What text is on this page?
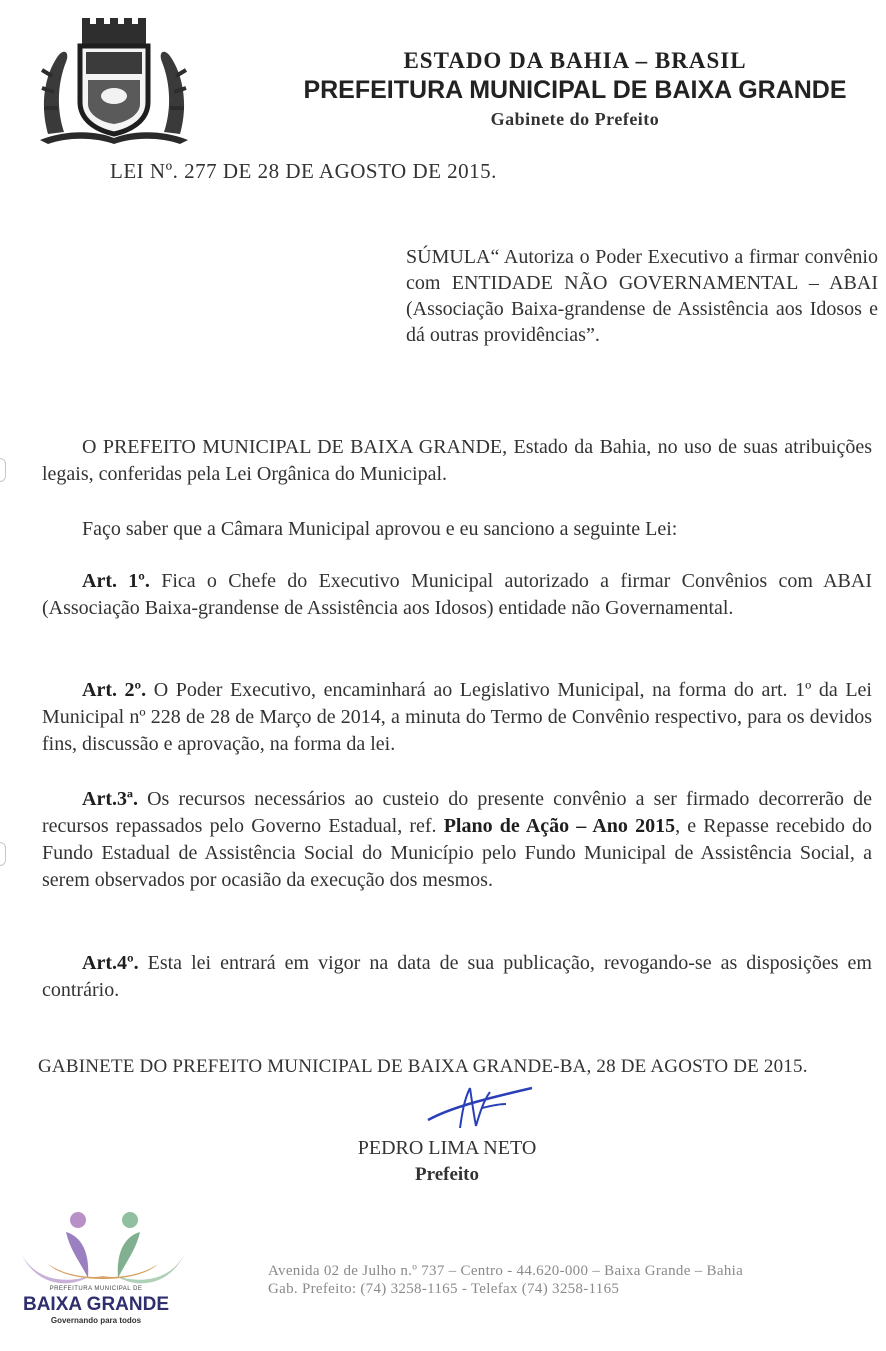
ESTADO DA BAHIA – BRASIL
PREFEITURA MUNICIPAL DE BAIXA GRANDE
Gabinete do Prefeito
LEI Nº. 277 DE 28 DE AGOSTO DE 2015.
SÚMULA“ Autoriza o Poder Executivo a firmar convênio com ENTIDADE NÃO GOVERNAMENTAL – ABAI (Associação Baixa-grandense de Assistência aos Idosos e dá outras providências”.
O PREFEITO MUNICIPAL DE BAIXA GRANDE, Estado da Bahia, no uso de suas atribuições legais, conferidas pela Lei Orgânica do Municipal.
Faço saber que a Câmara Municipal aprovou e eu sanciono a seguinte Lei:
Art. 1º. Fica o Chefe do Executivo Municipal autorizado a firmar Convênios com ABAI (Associação Baixa-grandense de Assistência aos Idosos) entidade não Governamental.
Art. 2º. O Poder Executivo, encaminhará ao Legislativo Municipal, na forma do art. 1º da Lei Municipal nº 228 de 28 de Março de 2014, a minuta do Termo de Convênio respectivo, para os devidos fins, discussão e aprovação, na forma da lei.
Art.3ª. Os recursos necessários ao custeio do presente convênio a ser firmado decorrerão de recursos repassados pelo Governo Estadual, ref. Plano de Ação – Ano 2015, e Repasse recebido do Fundo Estadual de Assistência Social do Município pelo Fundo Municipal de Assistência Social, a serem observados por ocasião da execução dos mesmos.
Art.4º. Esta lei entrará em vigor na data de sua publicação, revogando-se as disposições em contrário.
GABINETE DO PREFEITO MUNICIPAL DE BAIXA GRANDE-BA, 28 DE AGOSTO DE 2015.
PEDRO LIMA NETO
Prefeito
PREFEITURA MUNICIPAL DE
BAIXA GRANDE
Governando para todos
Avenida 02 de Julho n.º 737 – Centro - 44.620-000 – Baixa Grande – Bahia
Gab. Prefeito: (74) 3258-1165 - Telefax (74) 3258-1165
